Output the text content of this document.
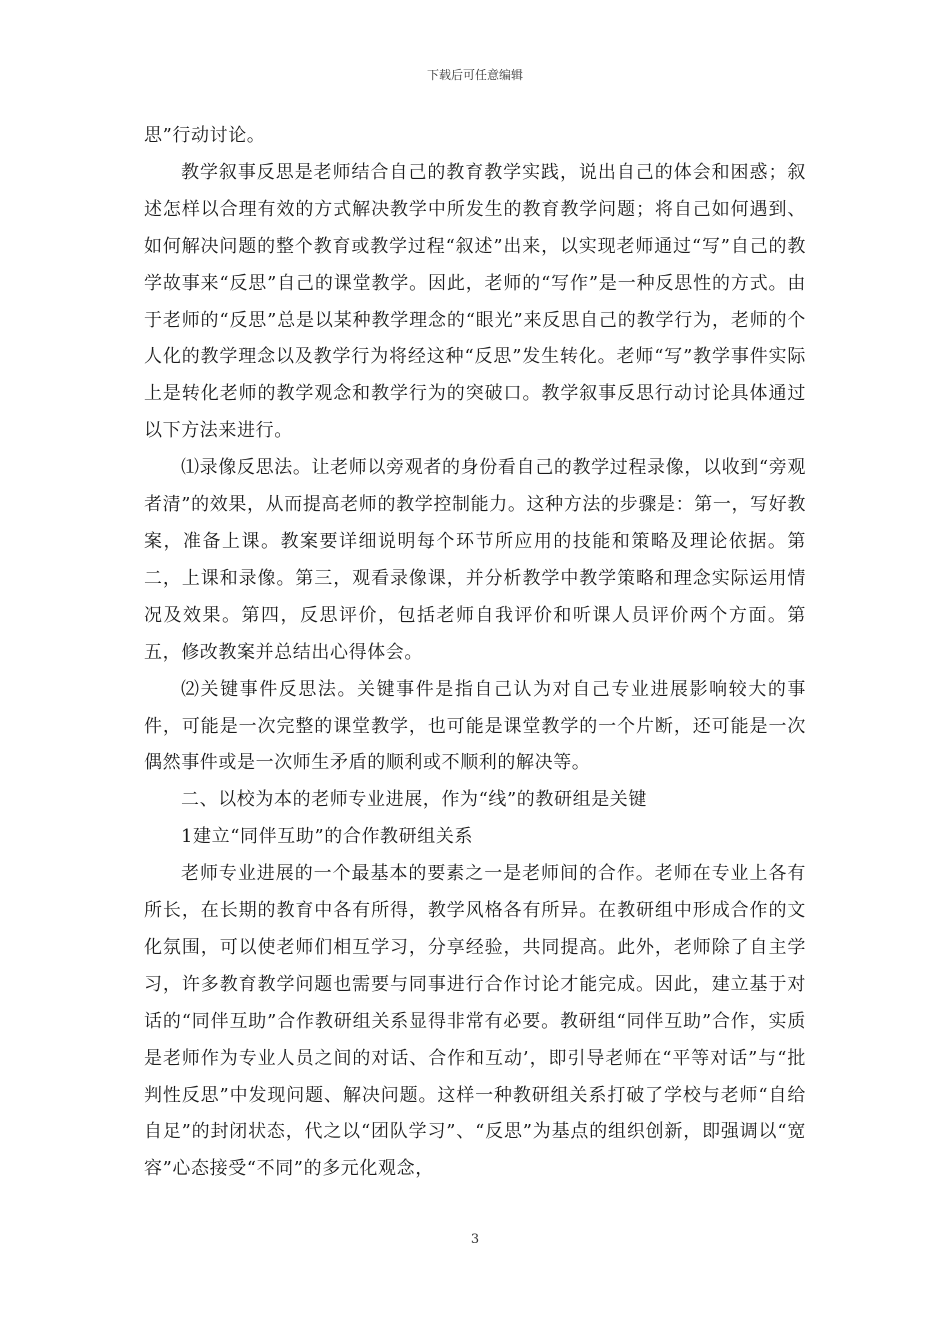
下载后可任意编辑

思”行动讨论。

教学叙事反思是老师结合自己的教育教学实践，说出自己的体会和困惑；叙述怎样以合理有效的方式解决教学中所发生的教育教学问题；将自己如何遇到、如何解决问题的整个教育或教学过程“叙述”出来，以实现老师通过“写”自己的教学故事来“反思”自己的课堂教学。因此，老师的“写作”是一种反思性的方式。由于老师的“反思”总是以某种教学理念的“眼光”来反思自己的教学行为，老师的个人化的教学理念以及教学行为将经这种“反思”发生转化。老师“写”教学事件实际上是转化老师的教学观念和教学行为的突破口。教学叙事反思行动讨论具体通过以下方法来进行。

⑴录像反思法。让老师以旁观者的身份看自己的教学过程录像，以收到“旁观者清”的效果，从而提高老师的教学控制能力。这种方法的步骤是：第一，写好教案，准备上课。教案要详细说明每个环节所应用的技能和策略及理论依据。第二，上课和录像。第三，观看录像课，并分析教学中教学策略和理念实际运用情况及效果。第四，反思评价，包括老师自我评价和听课人员评价两个方面。第五，修改教案并总结出心得体会。

⑵关键事件反思法。关键事件是指自己认为对自己专业进展影响较大的事件，可能是一次完整的课堂教学，也可能是课堂教学的一个片断，还可能是一次偶然事件或是一次师生矛盾的顺利或不顺利的解决等。

二、以校为本的老师专业进展，作为“线”的教研组是关键

1建立“同伴互助”的合作教研组关系

老师专业进展的一个最基本的要素之一是老师间的合作。老师在专业上各有所长，在长期的教育中各有所得，教学风格各有所异。在教研组中形成合作的文化氛围，可以使老师们相互学习，分享经验，共同提高。此外，老师除了自主学习，许多教育教学问题也需要与同事进行合作讨论才能完成。因此，建立基于对话的“同伴互助”合作教研组关系显得非常有必要。教研组“同伴互助”合作，实质是老师作为专业人员之间的对话、合作和互动’，即引导老师在“平等对话”与“批判性反思”中发现问题、解决问题。这样一种教研组关系打破了学校与老师“自给自足”的封闭状态，代之以“团队学习”、“反思”为基点的组织创新，即强调以“宽容”心态接受“不同”的多元化观念，

3
